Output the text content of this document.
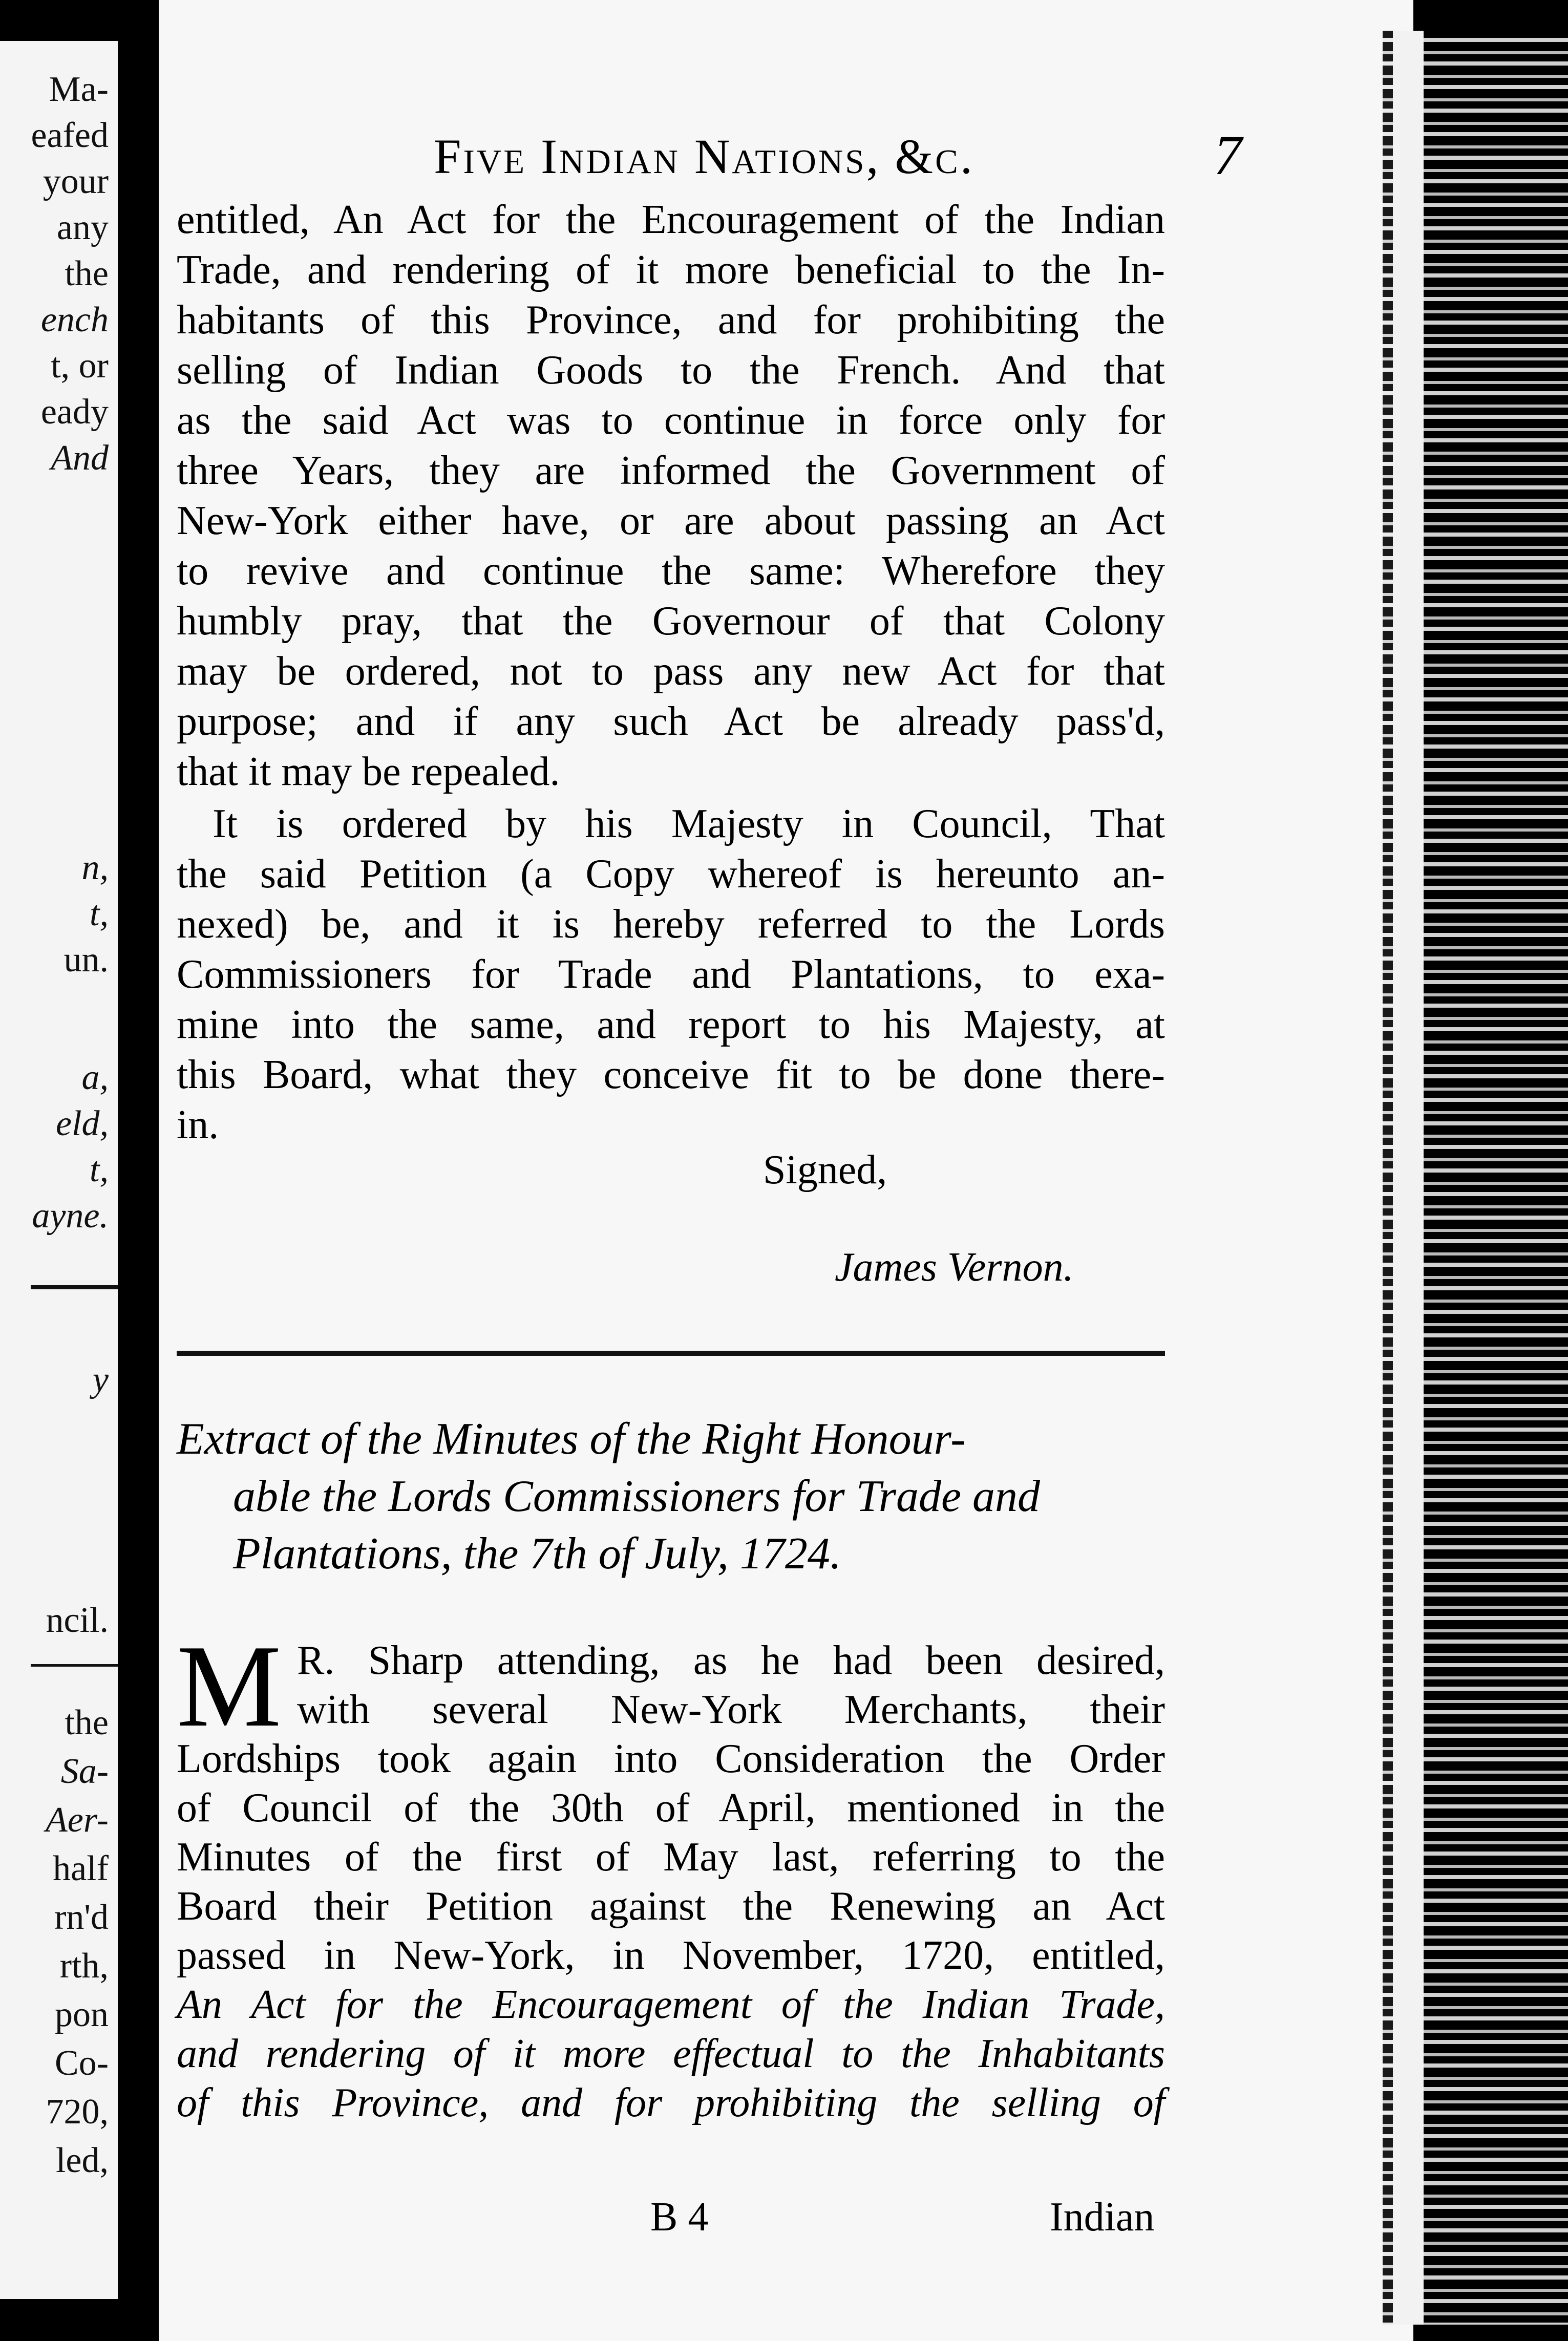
Ma-
eafed
your
any
the
ench
t, or
eady
And
n,
t,
un.
a,
eld,
t,
ayne.
y
ncil.
the
Sa-
Aer-
half
rn'd
rth,
pon
Co-
720,
led,
Five Indian Nations, &c.	7
entitled, An Act for the Encouragement of the Indian
Trade, and rendering of it more beneficial to the In-
habitants of this Province, and for prohibiting the
selling of Indian Goods to the French. And that
as the said Act was to continue in force only for
three Years, they are informed the Government of
New-York either have, or are about passing an Act
to revive and continue the same: Wherefore they
humbly pray, that the Governour of that Colony
may be ordered, not to pass any new Act for that
purpose; and if any such Act be already pass'd,
that it may be repealed.
It is ordered by his Majesty in Council, That
the said Petition (a Copy whereof is hereunto an-
nexed) be, and it is hereby referred to the Lords
Commissioners for Trade and Plantations, to exa-
mine into the same, and report to his Majesty, at
this Board, what they conceive fit to be done there-
in.
Signed,
James Vernon.
Extract of the Minutes of the Right Honour-
able the Lords Commissioners for Trade and
Plantations, the 7th of July, 1724.
M R. Sharp attending, as he had been desired,
with several New-York Merchants, their
Lordships took again into Consideration the Order
of Council of the 30th of April, mentioned in the
Minutes of the first of May last, referring to the
Board their Petition against the Renewing an Act
passed in New-York, in November, 1720, entitled,
An Act for the Encouragement of the Indian Trade,
and rendering of it more effectual to the Inhabitants
of this Province, and for prohibiting the selling of
B 4	Indian
